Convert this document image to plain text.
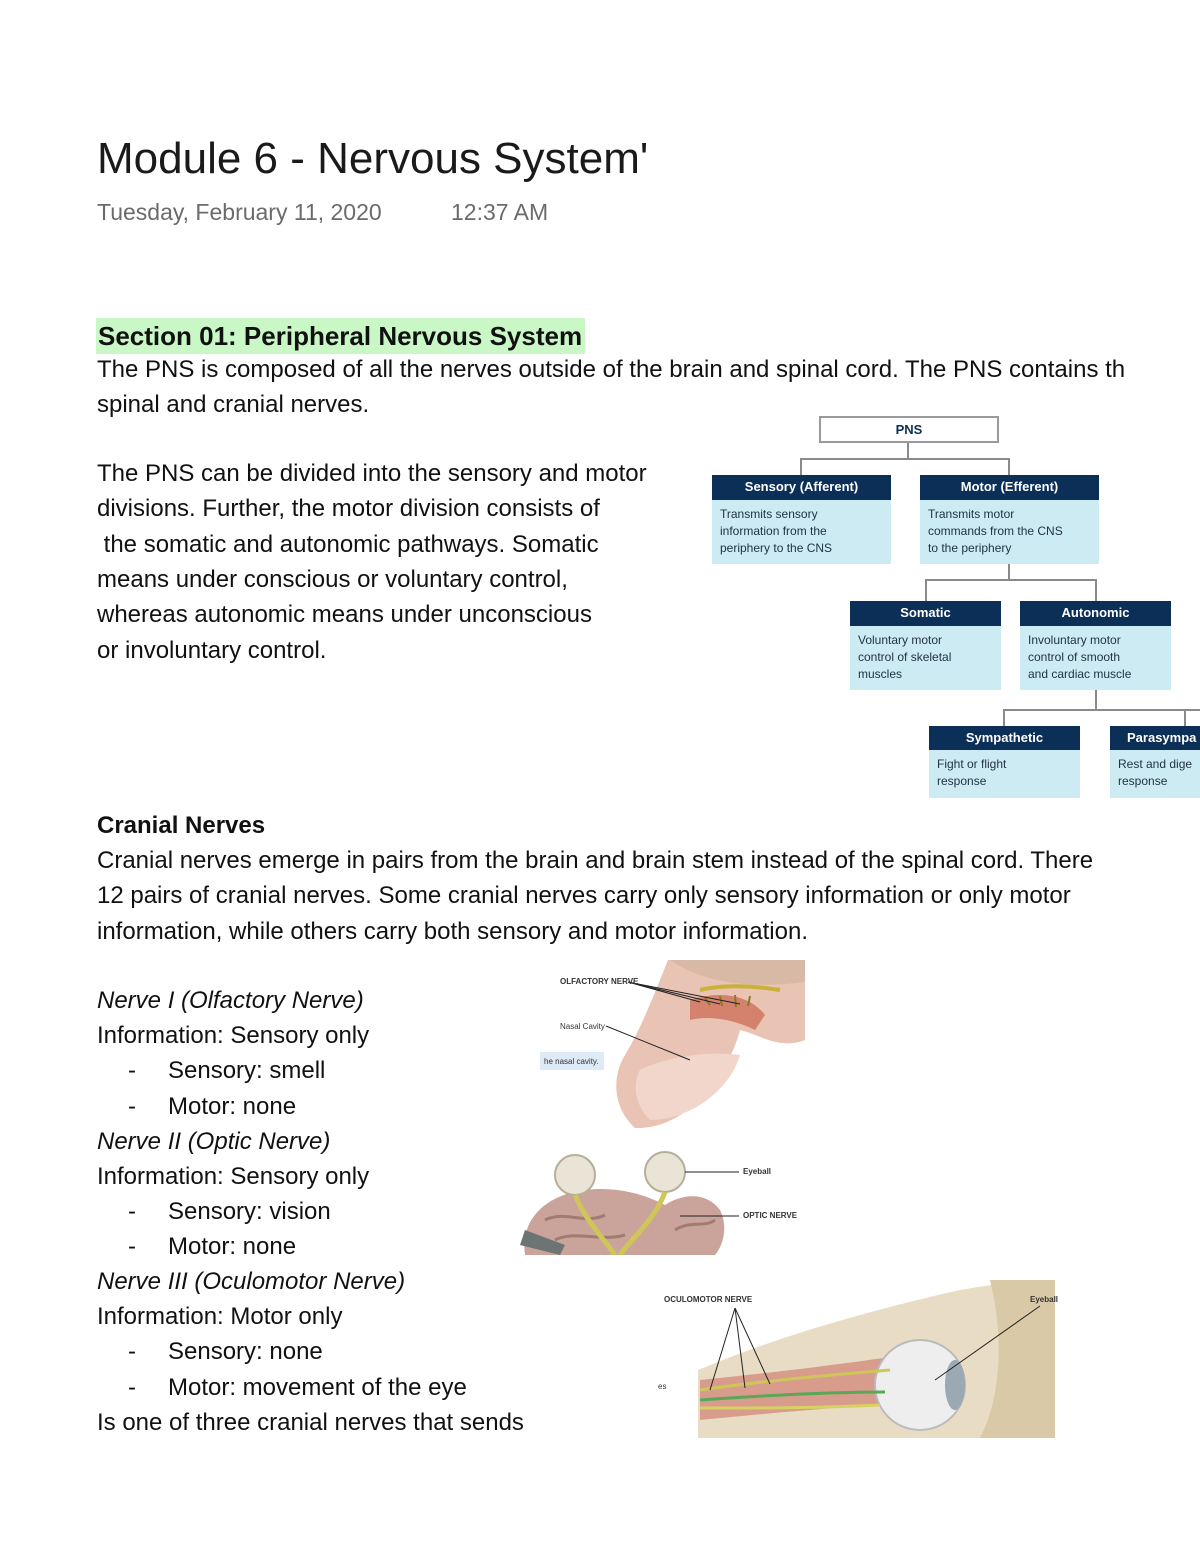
Module 6 - Nervous System'
Tuesday, February 11, 2020	12:37 AM
Section 01: Peripheral Nervous System
The PNS is composed of all the nerves outside of the brain and spinal cord. The PNS contains th
spinal and cranial nerves.
The PNS can be divided into the sensory and motor
divisions. Further, the motor division consists of
the somatic and autonomic pathways. Somatic
means under conscious or voluntary control,
whereas autonomic means under unconscious
or involuntary control.
PNS
Sensory (Afferent)
Transmits sensory
information from the
periphery to the CNS
Motor (Efferent)
Transmits motor
commands from the CNS
to the periphery
Somatic
Voluntary motor
control of skeletal
muscles
Autonomic
Involuntary motor
control of smooth
and cardiac muscle
Sympathetic
Fight or flight
response
Parasympa
Rest and dige
response
Cranial Nerves
Cranial nerves emerge in pairs from the brain and brain stem instead of the spinal cord. There
12 pairs of cranial nerves. Some cranial nerves carry only sensory information or only motor
information, while others carry both sensory and motor information.
Nerve I (Olfactory Nerve)
Information: Sensory only
- Sensory: smell
- Motor: none
Nerve II (Optic Nerve)
Information: Sensory only
- Sensory: vision
- Motor: none
Nerve III (Oculomotor Nerve)
Information: Motor only
- Sensory: none
- Motor: movement of the eye
Is one of three cranial nerves that sends
OLFACTORY NERVE
Nasal Cavity
he nasal cavity.
Eyeball
OPTIC NERVE
OCULOMOTOR NERVE	Eyeball
es
